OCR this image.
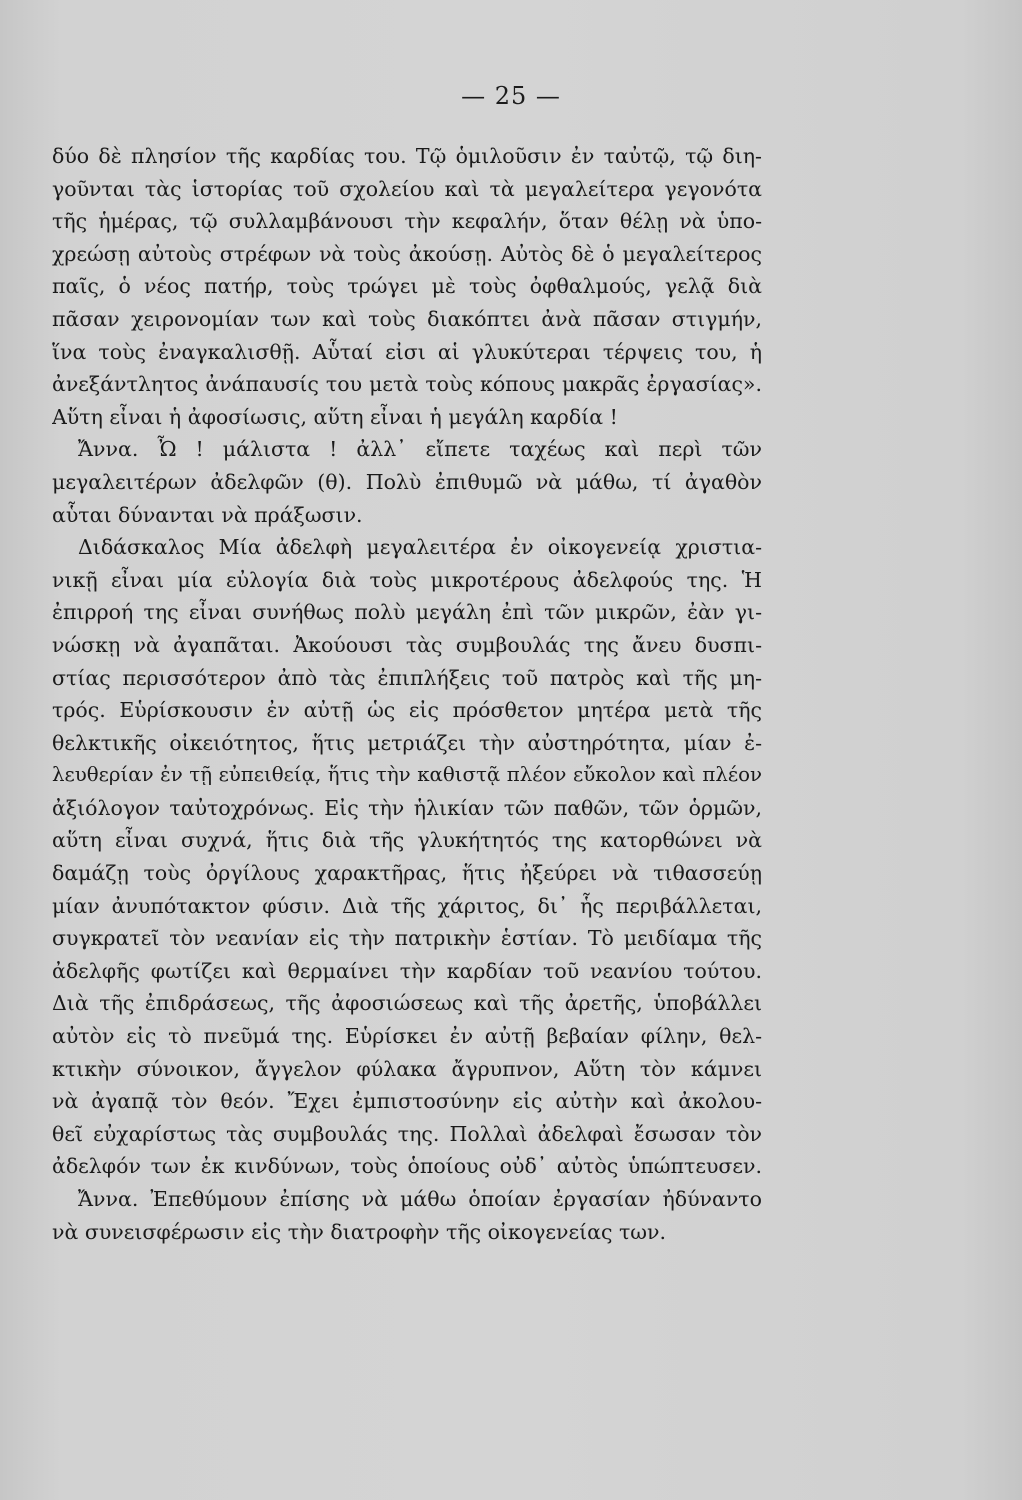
— 25 —
δύο δὲ πλησίον τῆς καρδίας του. Τῷ ὁμιλοῦσιν ἐν ταὐτῷ, τῷ διη-
γοῦνται τὰς ἱστορίας τοῦ σχολείου καὶ τὰ μεγαλείτερα γεγονότα
τῆς ἡμέρας, τῷ συλλαμβάνουσι τὴν κεφαλήν, ὅταν θέλῃ νὰ ὑπο-
χρεώσῃ αὐτοὺς στρέφων νὰ τοὺς ἀκούσῃ. Αὐτὸς δὲ ὁ μεγαλείτερος
παῖς, ὁ νέος πατήρ, τοὺς τρώγει μὲ τοὺς ὀφθαλμούς, γελᾷ διὰ
πᾶσαν χειρονομίαν των καὶ τοὺς διακόπτει ἀνὰ πᾶσαν στιγμήν,
ἵνα τοὺς ἐναγκαλισθῇ. Αὗταί εἰσι αἱ γλυκύτεραι τέρψεις του, ἡ
ἀνεξάντλητος ἀνάπαυσίς του μετὰ τοὺς κόπους μακρᾶς ἐργασίας».
Αὕτη εἶναι ἡ ἀφοσίωσις, αὕτη εἶναι ἡ μεγάλη καρδία !
Ἄννα. Ὦ ! μάλιστα ! ἀλλ᾽ εἴπετε ταχέως καὶ περὶ τῶν
μεγαλειτέρων ἀδελφῶν (θ). Πολὺ ἐπιθυμῶ νὰ μάθω, τί ἀγαθὸν
αὗται δύνανται νὰ πράξωσιν.
Διδάσκαλος Μία ἀδελφὴ μεγαλειτέρα ἐν οἰκογενείᾳ χριστια-
νικῇ εἶναι μία εὐλογία διὰ τοὺς μικροτέρους ἀδελφούς της. Ἡ
ἐπιρροή της εἶναι συνήθως πολὺ μεγάλη ἐπὶ τῶν μικρῶν, ἐὰν γι-
νώσκῃ νὰ ἀγαπᾶται. Ἀκούουσι τὰς συμβουλάς της ἄνευ δυσπι-
στίας περισσότερον ἀπὸ τὰς ἐπιπλήξεις τοῦ πατρὸς καὶ τῆς μη-
τρός. Εὑρίσκουσιν ἐν αὐτῇ ὡς εἰς πρόσθετον μητέρα μετὰ τῆς
θελκτικῆς οἰκειότητος, ἥτις μετριάζει τὴν αὐστηρότητα, μίαν ἐ-
λευθερίαν ἐν τῇ εὐπειθείᾳ, ἥτις τὴν καθιστᾷ πλέον εὔκολον καὶ πλέον
ἀξιόλογον ταὐτοχρόνως. Εἰς τὴν ἡλικίαν τῶν παθῶν, τῶν ὁρμῶν,
αὕτη εἶναι συχνά, ἥτις διὰ τῆς γλυκήτητός της κατορθώνει νὰ
δαμάζῃ τοὺς ὀργίλους χαρακτῆρας, ἥτις ἠξεύρει νὰ τιθασσεύῃ
μίαν ἀνυπότακτον φύσιν. Διὰ τῆς χάριτος, δι᾽ ἧς περιβάλλεται,
συγκρατεῖ τὸν νεανίαν εἰς τὴν πατρικὴν ἑστίαν. Τὸ μειδίαμα τῆς
ἀδελφῆς φωτίζει καὶ θερμαίνει τὴν καρδίαν τοῦ νεανίου τούτου.
Διὰ τῆς ἐπιδράσεως, τῆς ἀφοσιώσεως καὶ τῆς ἀρετῆς, ὑποβάλλει
αὐτὸν εἰς τὸ πνεῦμά της. Εὑρίσκει ἐν αὐτῇ βεβαίαν φίλην, θελ-
κτικὴν σύνοικον, ἄγγελον φύλακα ἄγρυπνον, Αὕτη τὸν κάμνει
νὰ ἀγαπᾷ τὸν θεόν. Ἔχει ἐμπιστοσύνην εἰς αὐτὴν καὶ ἀκολου-
θεῖ εὐχαρίστως τὰς συμβουλάς της. Πολλαὶ ἀδελφαὶ ἔσωσαν τὸν
ἀδελφόν των ἐκ κινδύνων, τοὺς ὁποίους οὐδ᾽ αὐτὸς ὑπώπτευσεν.
Ἄννα. Ἐπεθύμουν ἐπίσης νὰ μάθω ὁποίαν ἐργασίαν ἠδύναντο
νὰ συνεισφέρωσιν εἰς τὴν διατροφὴν τῆς οἰκογενείας των.
